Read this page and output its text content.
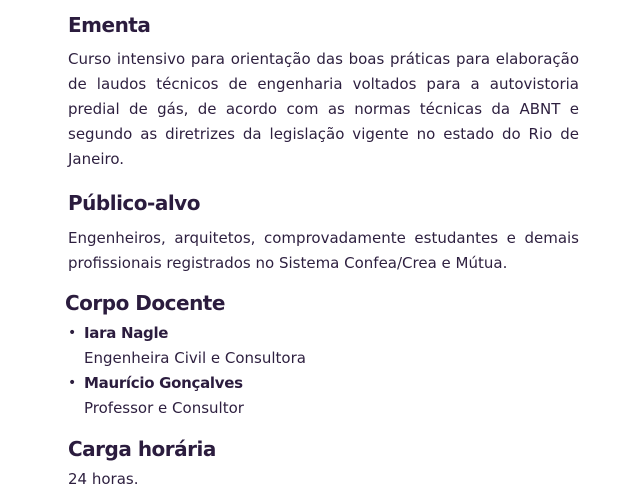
Ementa

Curso intensivo para orientação das boas práticas para elaboração de laudos técnicos de engenharia voltados para a autovistoria predial de gás, de acordo com as normas técnicas da ABNT e segundo as diretrizes da legislação vigente no estado do Rio de Janeiro.

Público-alvo

Engenheiros, arquitetos, comprovadamente estudantes e demais profissionais registrados no Sistema Confea/Crea e Mútua.

Corpo Docente
• Iara Nagle
Engenheira Civil e Consultora
• Maurício Gonçalves
Professor e Consultor
Carga horária

24 horas.
